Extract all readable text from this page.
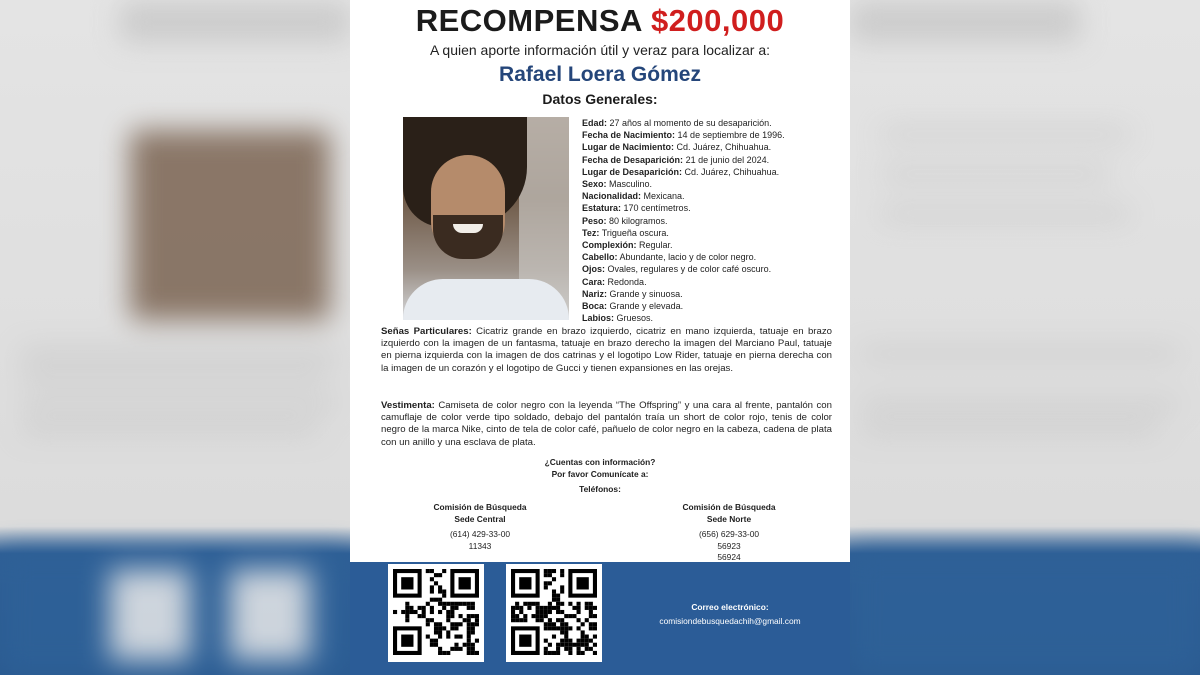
RECOMPENSA $200,000
A quien aporte información útil y veraz para localizar a:
Rafael Loera Gómez
Datos Generales:
Edad: 27 años al momento de su desaparición.
Fecha de Nacimiento: 14 de septiembre de 1996.
Lugar de Nacimiento: Cd. Juárez, Chihuahua.
Fecha de Desaparición: 21 de junio del 2024.
Lugar de Desaparición: Cd. Juárez, Chihuahua.
Sexo: Masculino.
Nacionalidad: Mexicana.
Estatura: 170 centímetros.
Peso: 80 kilogramos.
Tez: Trigueña oscura.
Complexión: Regular.
Cabello: Abundante, lacio y de color negro.
Ojos: Ovales, regulares y de color café oscuro.
Cara: Redonda.
Nariz: Grande y sinuosa.
Boca: Grande y elevada.
Labios: Gruesos.
Señas Particulares: Cicatriz grande en brazo izquierdo, cicatriz en mano izquierda, tatuaje en brazo izquierdo con la imagen de un fantasma, tatuaje en brazo derecho la imagen del Marciano Paul, tatuaje en pierna izquierda con la imagen de dos catrinas y el logotipo Low Rider, tatuaje en pierna derecha con la imagen de un corazón y el logotipo de Gucci y tienen expansiones en las orejas.
Vestimenta: Camiseta de color negro con la leyenda “The Offspring” y una cara al frente, pantalón con camuflaje de color verde tipo soldado, debajo del pantalón traía un short de color rojo, tenis de color negro de la marca Nike, cinto de tela de color café, pañuelo de color negro en la cabeza, cadena de plata con un anillo y una esclava de plata.
¿Cuentas con información?
Por favor Comunícate a:
Teléfonos:
Comisión de Búsqueda
Sede Central
(614) 429-33-00
11343
Comisión de Búsqueda
Sede Norte
(656) 629-33-00
56923
56924
Correo electrónico:
comisiondebusquedachih@gmail.com
